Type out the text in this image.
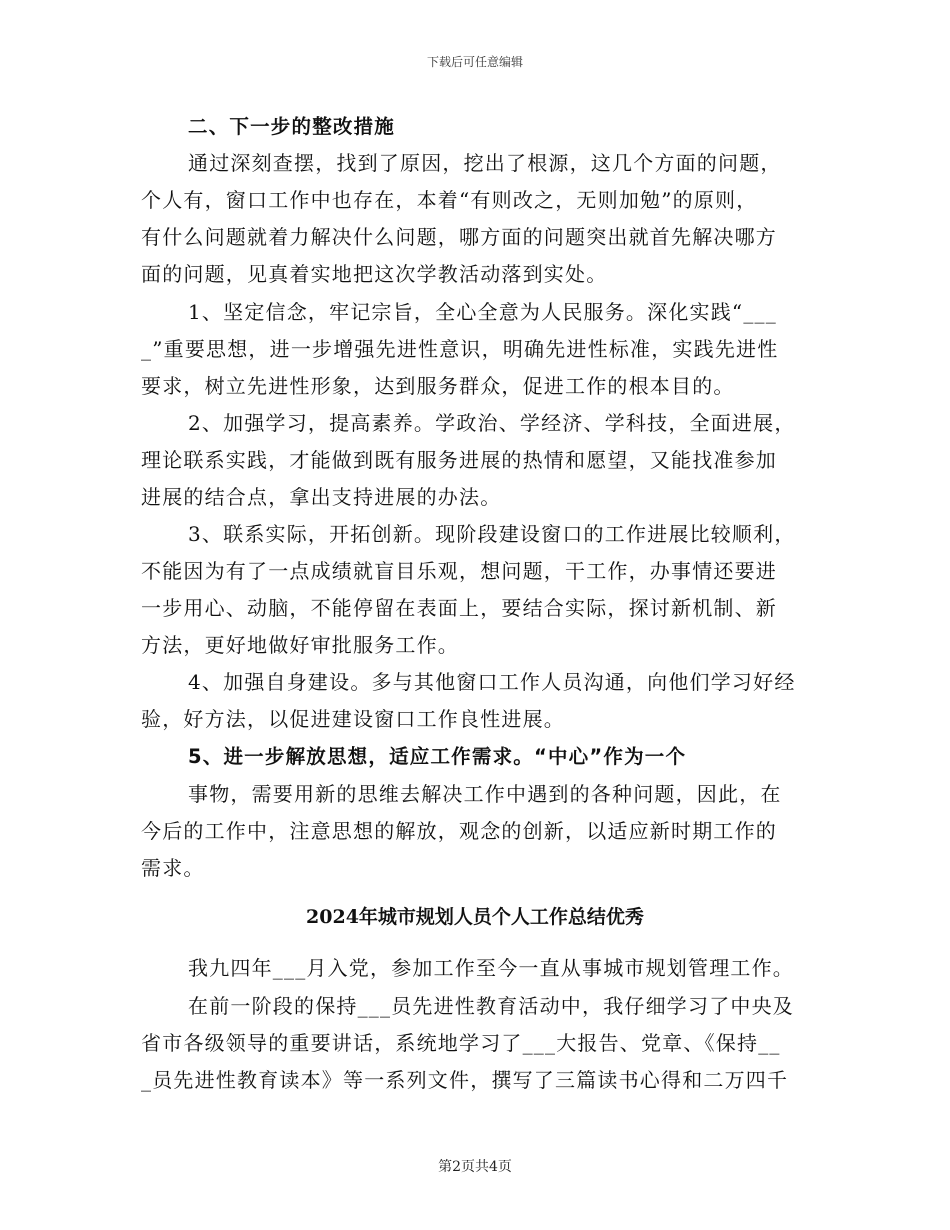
下载后可任意编辑
二、下一步的整改措施
通过深刻查摆，找到了原因，挖出了根源，这几个方面的问题，
个人有，窗口工作中也存在，本着“有则改之，无则加勉”的原则，
有什么问题就着力解决什么问题，哪方面的问题突出就首先解决哪方
面的问题，见真着实地把这次学教活动落到实处。
1、坚定信念，牢记宗旨，全心全意为人民服务。深化实践“___
_”重要思想，进一步增强先进性意识，明确先进性标准，实践先进性
要求，树立先进性形象，达到服务群众，促进工作的根本目的。
2、加强学习，提高素养。学政治、学经济、学科技，全面进展，
理论联系实践，才能做到既有服务进展的热情和愿望，又能找准参加
进展的结合点，拿出支持进展的办法。
3、联系实际，开拓创新。现阶段建设窗口的工作进展比较顺利，
不能因为有了一点成绩就盲目乐观，想问题，干工作，办事情还要进
一步用心、动脑，不能停留在表面上，要结合实际，探讨新机制、新
方法，更好地做好审批服务工作。
4、加强自身建设。多与其他窗口工作人员沟通，向他们学习好经
验，好方法，以促进建设窗口工作良性进展。
5、进一步解放思想，适应工作需求。“中心”作为一个
事物，需要用新的思维去解决工作中遇到的各种问题，因此，在
今后的工作中，注意思想的解放，观念的创新，以适应新时期工作的
需求。
2024年城市规划人员个人工作总结优秀
我九四年___月入党，参加工作至今一直从事城市规划管理工作。
在前一阶段的保持___员先进性教育活动中，我仔细学习了中央及
省市各级领导的重要讲话，系统地学习了___大报告、党章、《保持__
_员先进性教育读本》等一系列文件，撰写了三篇读书心得和二万四千
第2页共4页
